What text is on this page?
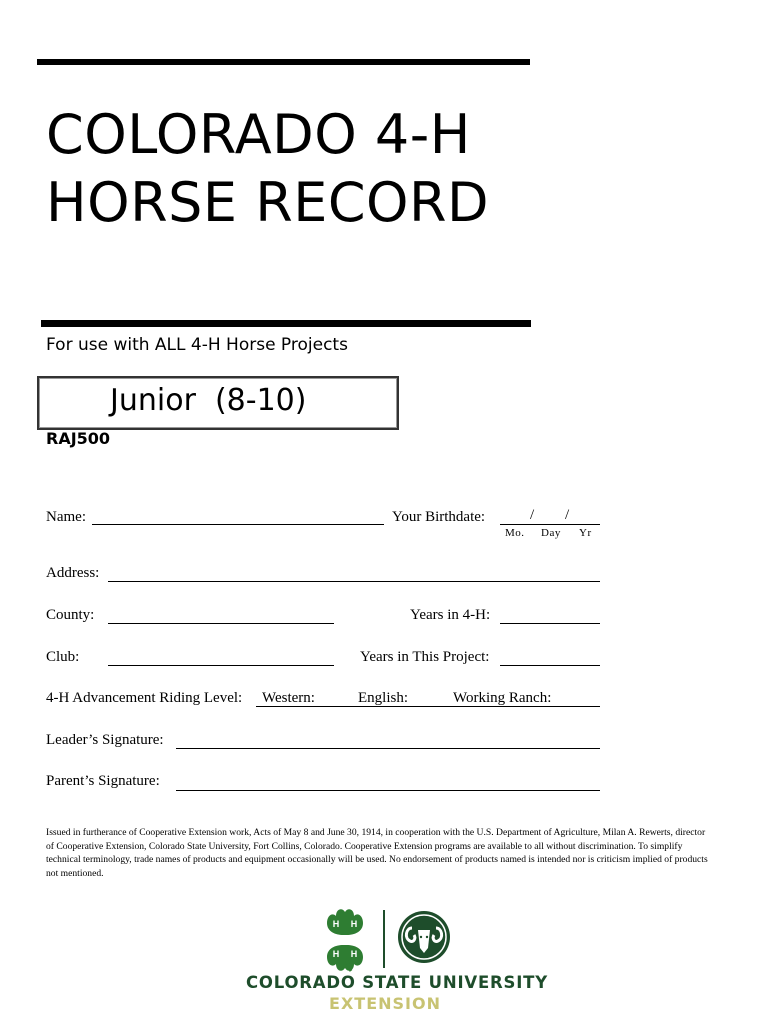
COLORADO 4-H
HORSE RECORD
For use with ALL 4-H Horse Projects
Junior  (8-10)
RAJ500
Name:	Your Birthdate:	/ /
Mo. Day Yr
Address:
County:	Years in 4-H:
Club:	Years in This Project:
4-H Advancement Riding Level: Western:	English:	Working Ranch:
Leader’s Signature:
Parent’s Signature:
Issued in furtherance of Cooperative Extension work, Acts of May 8 and June 30, 1914, in cooperation with the U.S. Department of Agriculture, Milan A. Rewerts, director of Cooperative Extension, Colorado State University, Fort Collins, Colorado. Cooperative Extension programs are available to all without discrimination. To simplify technical terminology, trade names of products and equipment occasionally will be used. No endorsement of products named is intended nor is criticism implied of products not mentioned.
H H
H H
COLORADO STATE UNIVERSITY
EXTENSION
